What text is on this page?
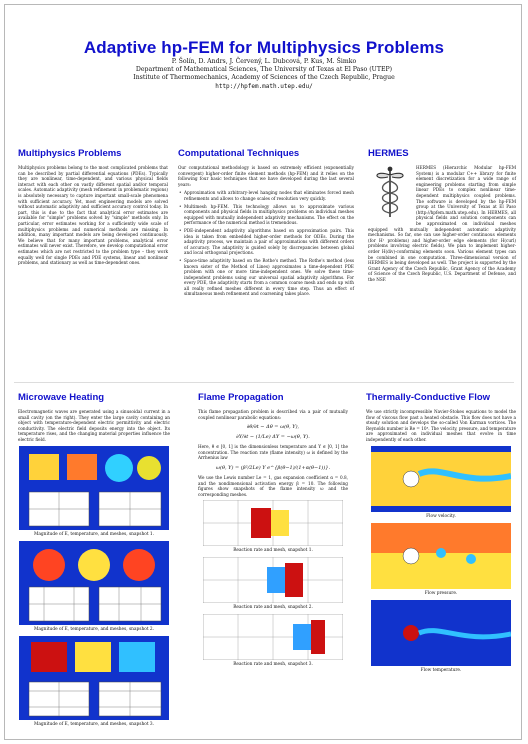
Adaptive hp-FEM for Multiphysics Problems

P. Šolín, D. Andrs, J. Červený, L. Dubcová, P. Kus, M. Šimko

Department of Mathematical Sciences, The University of Texas at El Paso (UTEP)

Institute of Thermomechanics, Academy of Sciences of the Czech Republic, Prague

http://hpfem.math.utep.edu/
Multiphysics Problems

Multiphysics problems belong to the most complicated problems that can be described by partial differential equations (PDEs). Typically they are nonlinear, time-dependent, and various physical fields interact with each other on vastly different spatial and/or temporal scales. Automatic adaptivity (mesh refinement in problematic regions) is absolutely necessary to capture important small-scale phenomena with sufficient accuracy. Yet, most engineering models are solved without automatic adaptivity and sufficient accuracy control today. In part, this is due to the fact that analytical error estimates are available for "simple" problems solved by "simple" methods only. In particular, error estimates working for a sufficiently wide scale of multiphysics problems and numerical methods are missing. In addition, many important models are being developed continuously. We believe that for many important problems, analytical error estimates will never exist. Therefore, we develop computational error estimates which are not restricted to the problem type – they work equally well for single PDEs and PDE systems, linear and nonlinear problems, and stationary as well as time-dependent ones.

Computational Techniques

Our computational methodology is based on extremely efficient (exponentially convergent) higher-order finite element methods (hp-FEM) and it relies on the following four basic techniques that we have developed during the last several years:

• Approximation with arbitrary-level hanging nodes that eliminates forced mesh refinements and allows to change scales of resolution very quickly.
• Multimesh hp-FEM. This technology allows us to approximate various components and physical fields in multiphysics problems on individual meshes equipped with mutually independent adaptivity mechanisms. The effect on the performance of the numerical method is tremendous.
• PDE-independent adaptivity algorithms based on approximation pairs. This idea is taken from embedded higher-order methods for ODEs. During the adaptivity process, we maintain a pair of approximations with different orders of accuracy. The adaptivity is guided solely by discrepancies between global and local orthogonal projections.
• Space-time adaptivity based on the Rothe's method. The Rothe's method (less known sister of the Method of Lines) approximates a time-dependent PDE problem with one or more time-independent ones. We solve these time-independent problems using our universal spatial adaptivity algorithms. For every PDE, the adaptivity starts from a common coarse mesh and ends up with all really refined meshes different in every time step. Thus an effect of simultaneous mesh refinement and coarsening takes place.
HERMES

HERMES (Hierarchic Modular hp-FEM System) is a modular C++ library for finite element discretization for a wide range of engineering problems starting from simple linear PDEs to complex nonlinear time-dependent multiphysics coupled problems. The software is developed by the hp-FEM group at the University of Texas at El Paso (http://hpfem.math.utep.edu). In HERMES, all physical fields and solution components can be approximated on individual meshes equipped with mutually independent automatic adaptivity mechanisms. So far, one can use higher-order continuous elements (for H¹ problems) and higher-order edge elements (for H(curl) problems involving electric fields). We plan to implement higher-order H(div)-conforming elements soon. Various element types can be combined in one computation. Three-dimensional version of HERMES is being developed as well. The project is supported by the Grant Agency of the Czech Republic, Grant Agency of the Academy of Science of the Czech Republic, U.S. Department of Defense, and the NSF.

Microwave Heating

Electromagnetic waves are generated using a sinusoidal current in a small cavity (on the right). They enter the large cavity containing an object with temperature-dependent electric permittivity and electric conductivity. The electric field deposits energy into the object. Its temperature rises, and the changing material properties influence the electric field.

Magnitude of E, temperature, and meshes, snapshot 1.

Magnitude of E, temperature, and meshes, snapshot 2.

Magnitude of E, temperature, and meshes, snapshot 3.

Flame Propagation

This flame propagation problem is described via a pair of mutually coupled nonlinear parabolic equations:

∂θ/∂t − Δθ = ω(θ, Y),
∂Y/∂t − (1/Le) ΔY = −ω(θ, Y).

Here, θ ∈ [0, 1] is the dimensionless temperature and Y ∈ [0, 1] the concentration. The reaction rate (flame intensity) ω is defined by the Arrhenius law

ω(θ, Y) = (β²/2Le) Y e^{β(θ−1)/(1+α(θ−1))}.

We use the Lewis number Le = 1, gas expansion coefficient α = 0.8, and the nondimensional activation energy β = 10. The following figures show snapshots of the flame intensity ω and the corresponding meshes.

Reaction rate and mesh, snapshot 1.

Reaction rate and mesh, snapshot 2.

Reaction rate and mesh, snapshot 3.

Thermally-Conductive Flow

We use strictly incompressible Navier-Stokes equations to model the flow of viscous flow past a heated obstacle. This flow does not have a steady solution and develops the so-called Von Karman vortices. The Reynolds number is Re = 10³. The velocity, pressure, and temperature are approximated on individual meshes that evolve in time independently of each other.

Flow velocity.

Flow pressure.

Flow temperature.
